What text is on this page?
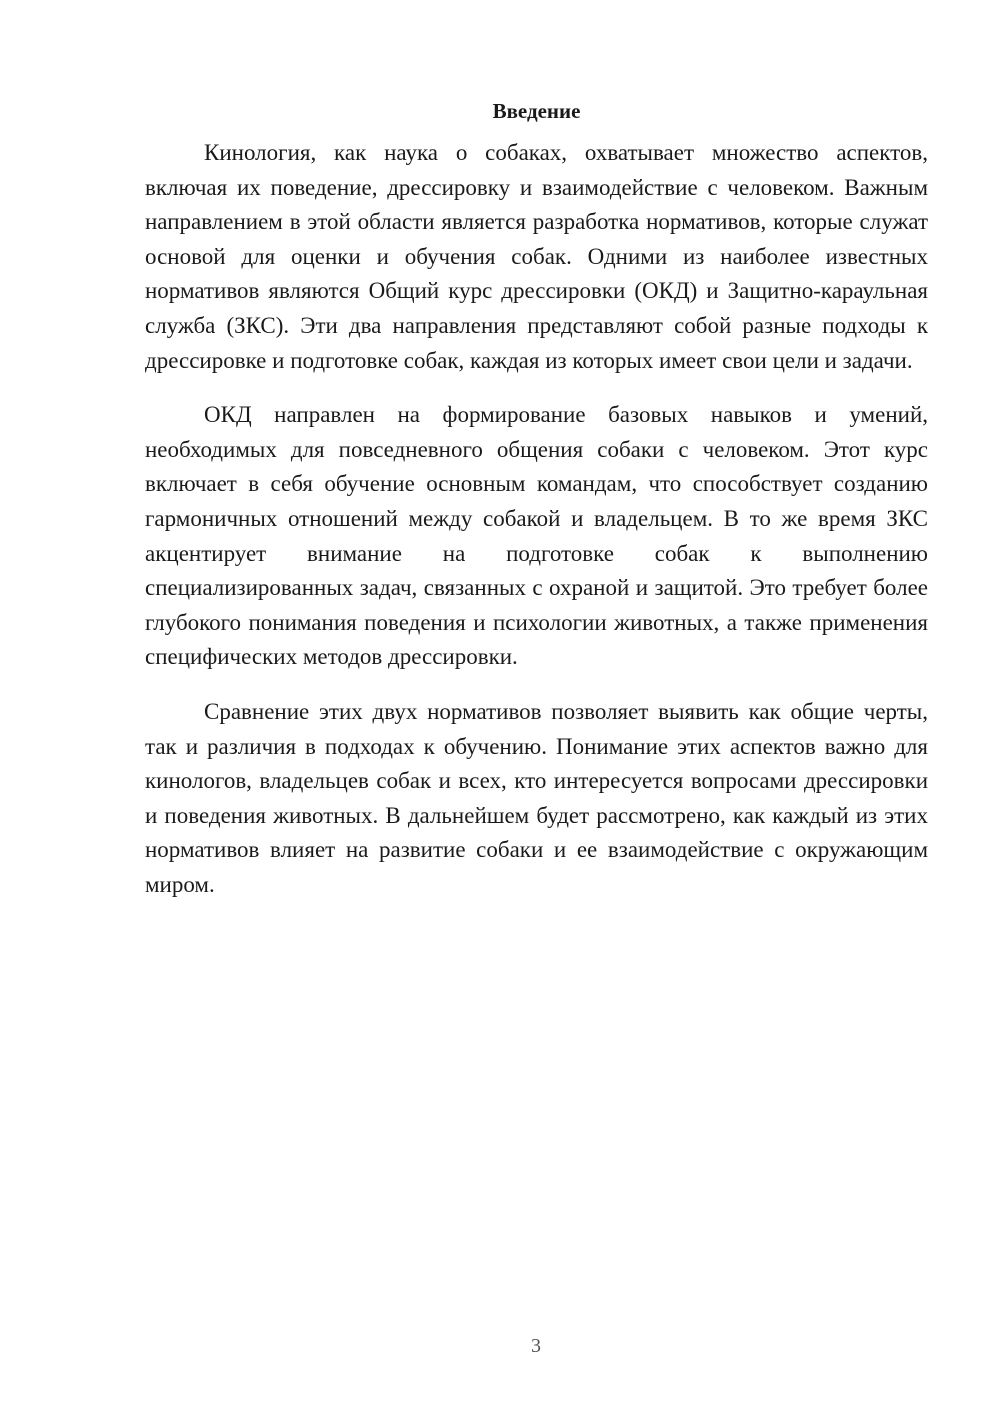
Введение

Кинология, как наука о собаках, охватывает множество аспектов, включая их поведение, дрессировку и взаимодействие с человеком. Важным направлением в этой области является разработка нормативов, которые служат основой для оценки и обучения собак. Одними из наиболее известных нормативов являются Общий курс дрессировки (ОКД) и Защитно-караульная служба (ЗКС). Эти два направления представляют собой разные подходы к дрессировке и подготовке собак, каждая из которых имеет свои цели и задачи.

ОКД направлен на формирование базовых навыков и умений, необходимых для повседневного общения собаки с человеком. Этот курс включает в себя обучение основным командам, что способствует созданию гармоничных отношений между собакой и владельцем. В то же время ЗКС акцентирует внимание на подготовке собак к выполнению специализированных задач, связанных с охраной и защитой. Это требует более глубокого понимания поведения и психологии животных, а также применения специфических методов дрессировки.

Сравнение этих двух нормативов позволяет выявить как общие черты, так и различия в подходах к обучению. Понимание этих аспектов важно для кинологов, владельцев собак и всех, кто интересуется вопросами дрессировки и поведения животных. В дальнейшем будет рассмотрено, как каждый из этих нормативов влияет на развитие собаки и ее взаимодействие с окружающим миром.

3
